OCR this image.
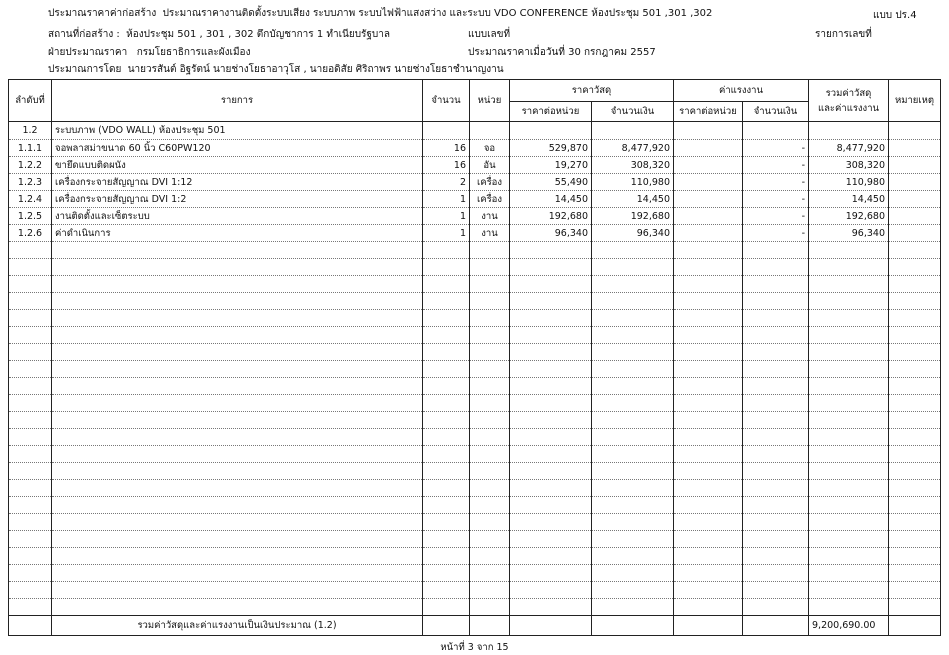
ประมาณราคาค่าก่อสร้าง ประมาณราคางานติดตั้งระบบเสียง ระบบภาพ ระบบไฟฟ้าแสงสว่าง และระบบ VDO CONFERENCE ห้องประชุม 501 ,301 ,302	แบบ ปร.4
สถานที่ก่อสร้าง : ห้องประชุม 501 , 301 , 302 ตึกบัญชาการ 1 ทำเนียบรัฐบาล	แบบเลขที่	รายการเลขที่
ฝ่ายประมาณราคา กรมโยธาธิการและผังเมือง	ประมาณราคาเมื่อวันที่ 30 กรกฎาคม 2557
ประมาณการโดย นายวรสันต์ อิฐรัตน์ นายช่างโยธาอาวุโส , นายอดิสัย ศิริถาพร นายช่างโยธาชำนาญงาน
ลำดับที่	รายการ	จำนวน	หน่วย	ราคาวัสดุ		ค่าแรงงาน		รวมค่าวัสดุ
และค่าแรงงาน	หมายเหตุ
				ราคาต่อหน่วย	จำนวนเงิน	ราคาต่อหน่วย	จำนวนเงิน		
1.2	ระบบภาพ (VDO WALL) ห้องประชุม 501								
1.1.1	จอพลาสม่าขนาด 60 นิ้ว C60PW120	16	จอ	529,870	8,477,920		-	8,477,920	
1.2.2	ขายึดแบบติดผนัง	16	อัน	19,270	308,320		-	308,320	
1.2.3	เครื่องกระจายสัญญาณ DVI 1:12	2	เครื่อง	55,490	110,980		-	110,980	
1.2.4	เครื่องกระจายสัญญาณ DVI 1:2	1	เครื่อง	14,450	14,450		-	14,450	
1.2.5	งานติดตั้งและเซ็ตระบบ	1	งาน	192,680	192,680		-	192,680	
1.2.6	ค่าดำเนินการ	1	งาน	96,340	96,340		-	96,340	

	รวมค่าวัสดุและค่าแรงงานเป็นเงินประมาณ (1.2)							9,200,690.00	
หน้าที่ 3 จาก 15
